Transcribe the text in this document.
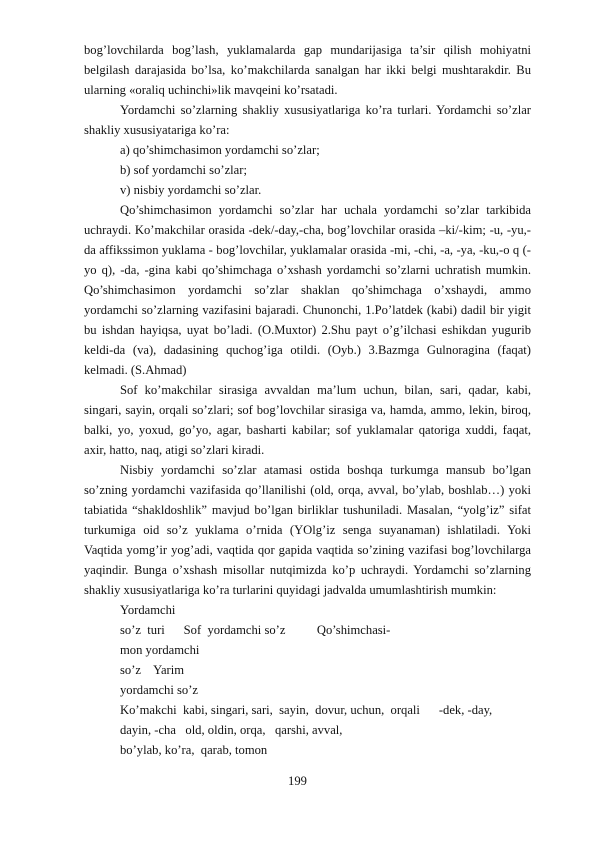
bog’lovchilarda bog’lash, yuklamalarda gap mundarijasiga ta’sir qilish mohiyatni belgilash darajasida bo’lsa, ko’makchilarda sanalgan har ikki belgi mushtarakdir. Bu ularning «oraliq uchinchi»lik mavqeini ko’rsatadi.

Yordamchi so’zlarning shakliy xususiyatlariga ko’ra turlari. Yordamchi so’zlar shakliy xususiyatariga ko’ra:

a) qo’shimchasimon yordamchi so’zlar;

b) sof yordamchi so’zlar;

v) nisbiy yordamchi so’zlar.

Qo’shimchasimon yordamchi so’zlar har uchala yordamchi so’zlar tarkibida uchraydi. Ko’makchilar orasida -dek/-day,-cha, bog’lovchilar orasida –ki/-kim; -u, -yu,-da affikssimon yuklama - bog’lovchilar, yuklamalar orasida -mi, -chi, -a, -ya, -ku,-o q (-yo q), -da, -gina kabi qo’shimchaga o’xshash yordamchi so’zlarni uchratish mumkin. Qo’shimchasimon yordamchi so’zlar shaklan qo’shimchaga o’xshaydi, ammo yordamchi so’zlarning vazifasini bajaradi. Chunonchi, 1.Po’latdek (kabi) dadil bir yigit bu ishdan hayiqsa, uyat bo’ladi. (O.Muxtor) 2.Shu payt o’g’ilchasi eshikdan yugurib keldi-da (va), dadasining quchog’iga otildi. (Oyb.) 3.Bazmga Gulnoragina (faqat) kelmadi. (S.Ahmad)

Sof ko’makchilar sirasiga avvaldan ma’lum uchun, bilan, sari, qadar, kabi, singari, sayin, orqali so’zlari; sof bog’lovchilar sirasiga va, hamda, ammo, lekin, biroq, balki, yo, yoxud, go’yo, agar, basharti kabilar; sof yuklamalar qatoriga xuddi, faqat, axir, hatto, naq, atigi so’zlari kiradi.

Nisbiy yordamchi so’zlar atamasi ostida boshqa turkumga mansub bo’lgan so’zning yordamchi vazifasida qo’llanilishi (old, orqa, avval, bo’ylab, boshlab…) yoki tabiatida “shakldoshlik” mavjud bo’lgan birliklar tushuniladi. Masalan, “yolg’iz” sifat turkumiga oid so’z yuklama o’rnida (YOlg’iz senga suyanaman) ishlatiladi. Yoki Vaqtida yomg’ir yog’adi, vaqtida qor gapida vaqtida so’zining vazifasi bog’lovchilarga yaqindir. Bunga o’xshash misollar nutqimizda ko’p uchraydi. Yordamchi so’zlarning shakliy xususiyatlariga ko’ra turlarini quyidagi jadvalda umumlashtirish mumkin:

Yordamchi
so’z  turi      Sof  yordamchi so’z          Qo’shimchasi-
mon yordamchi
so’z    Yarim
yordamchi so’z
Ko’makchi  kabi, singari, sari,  sayin,  dovur, uchun,  orqali      -dek, -day,
dayin, -cha   old, oldin, orqa,   qarshi, avval,
bo’ylab, ko’ra,  qarab, tomon
199
